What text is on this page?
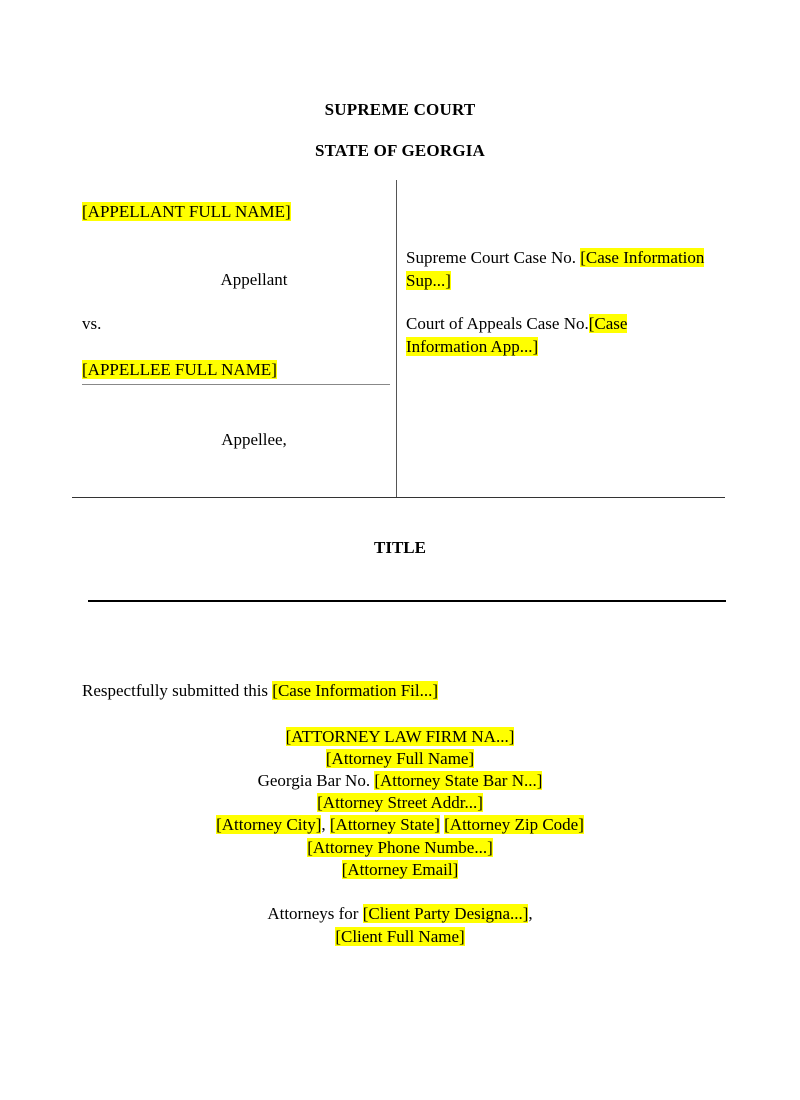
SUPREME COURT
STATE OF GEORGIA
[APPELLANT FULL NAME]
Appellant
vs.
[APPELLEE FULL NAME]
Appellee,
Supreme Court Case No. [Case Information Sup...]
Court of Appeals Case No.[Case Information App...]
TITLE
Respectfully submitted this [Case Information Fil...]
[ATTORNEY LAW FIRM NA...]
[Attorney Full Name]
Georgia Bar No. [Attorney State Bar N...]
[Attorney Street Addr...]
[Attorney City], [Attorney State] [Attorney Zip Code]
[Attorney Phone Numbe...]
[Attorney Email]
Attorneys for [Client Party Designa...],
[Client Full Name]
